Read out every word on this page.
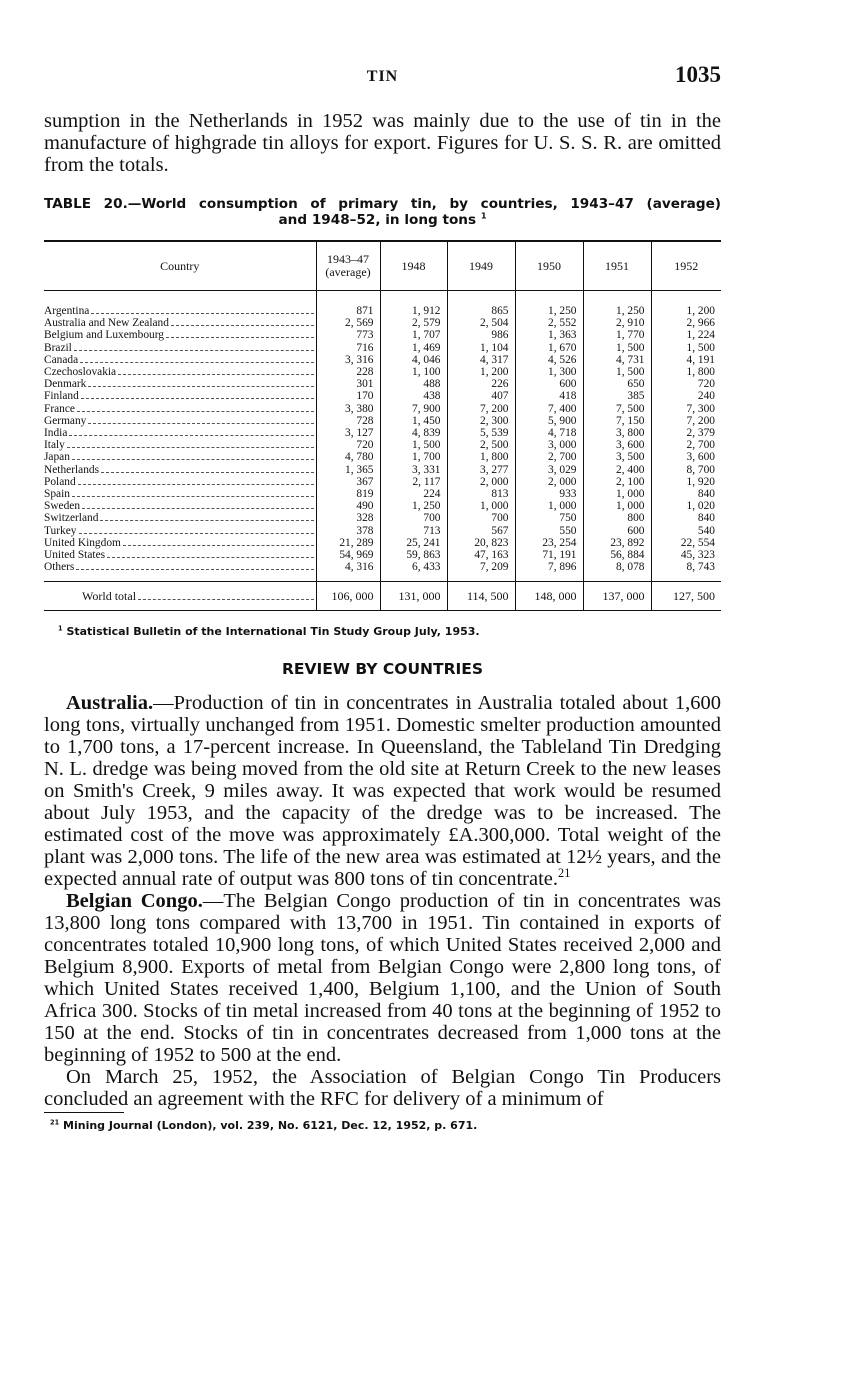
TIN	1035

sumption in the Netherlands in 1952 was mainly due to the use of tin in the manufacture of highgrade tin alloys for export. Figures for U. S. S. R. are omitted from the totals.

TABLE 20.—World consumption of primary tin, by countries, 1943–47 (average)
and 1948–52, in long tons $^1$
Country	1943–47 (average)	1948	1949	1950	1951	1952

Argentina	871	1, 912	865	1, 250	1, 250	1, 200

Australia and New Zealand	2, 569	2, 579	2, 504	2, 552	2, 910	2, 966

Belgium and Luxembourg	773	1, 707	986	1, 363	1, 770	1, 224

Brazil	716	1, 469	1, 104	1, 670	1, 500	1, 500

Canada	3, 316	4, 046	4, 317	4, 526	4, 731	4, 191

Czechoslovakia	228	1, 100	1, 200	1, 300	1, 500	1, 800

Denmark	301	488	226	600	650	720

Finland	170	438	407	418	385	240

France	3, 380	7, 900	7, 200	7, 400	7, 500	7, 300

Germany	728	1, 450	2, 300	5, 900	7, 150	7, 200

India	3, 127	4, 839	5, 539	4, 718	3, 800	2, 379

Italy	720	1, 500	2, 500	3, 000	3, 600	2, 700

Japan	4, 780	1, 700	1, 800	2, 700	3, 500	3, 600

Netherlands	1, 365	3, 331	3, 277	3, 029	2, 400	8, 700

Poland	367	2, 117	2, 000	2, 000	2, 100	1, 920

Spain	819	224	813	933	1, 000	840

Sweden	490	1, 250	1, 000	1, 000	1, 000	1, 020

Switzerland	328	700	700	750	800	840

Turkey	378	713	567	550	600	540

United Kingdom	21, 289	25, 241	20, 823	23, 254	23, 892	22, 554

United States	54, 969	59, 863	47, 163	71, 191	56, 884	45, 323

Others	4, 316	6, 433	7, 209	7, 896	8, 078	8, 743

World total	106, 000	131, 000	114, 500	148, 000	137, 000	127, 500
$^1$ Statistical Bulletin of the International Tin Study Group July, 1953.
REVIEW BY COUNTRIES

Australia.—Production of tin in concentrates in Australia totaled about 1,600 long tons, virtually unchanged from 1951. Domestic smelter production amounted to 1,700 tons, a 17-percent increase. In Queensland, the Tableland Tin Dredging N. L. dredge was being moved from the old site at Return Creek to the new leases on Smith's Creek, 9 miles away. It was expected that work would be resumed about July 1953, and the capacity of the dredge was to be increased. The estimated cost of the move was approximately £A.300,000. Total weight of the plant was 2,000 tons. The life of the new area was estimated at 12½ years, and the expected annual rate of output was 800 tons of tin concentrate.$^{21}$

Belgian Congo.—The Belgian Congo production of tin in concentrates was 13,800 long tons compared with 13,700 in 1951. Tin contained in exports of concentrates totaled 10,900 long tons, of which United States received 2,000 and Belgium 8,900. Exports of metal from Belgian Congo were 2,800 long tons, of which United States received 1,400, Belgium 1,100, and the Union of South Africa 300. Stocks of tin metal increased from 40 tons at the beginning of 1952 to 150 at the end. Stocks of tin in concentrates decreased from 1,000 tons at the beginning of 1952 to 500 at the end.

On March 25, 1952, the Association of Belgian Congo Tin Producers concluded an agreement with the RFC for delivery of a minimum of

$^{21}$ Mining Journal (London), vol. 239, No. 6121, Dec. 12, 1952, p. 671.
